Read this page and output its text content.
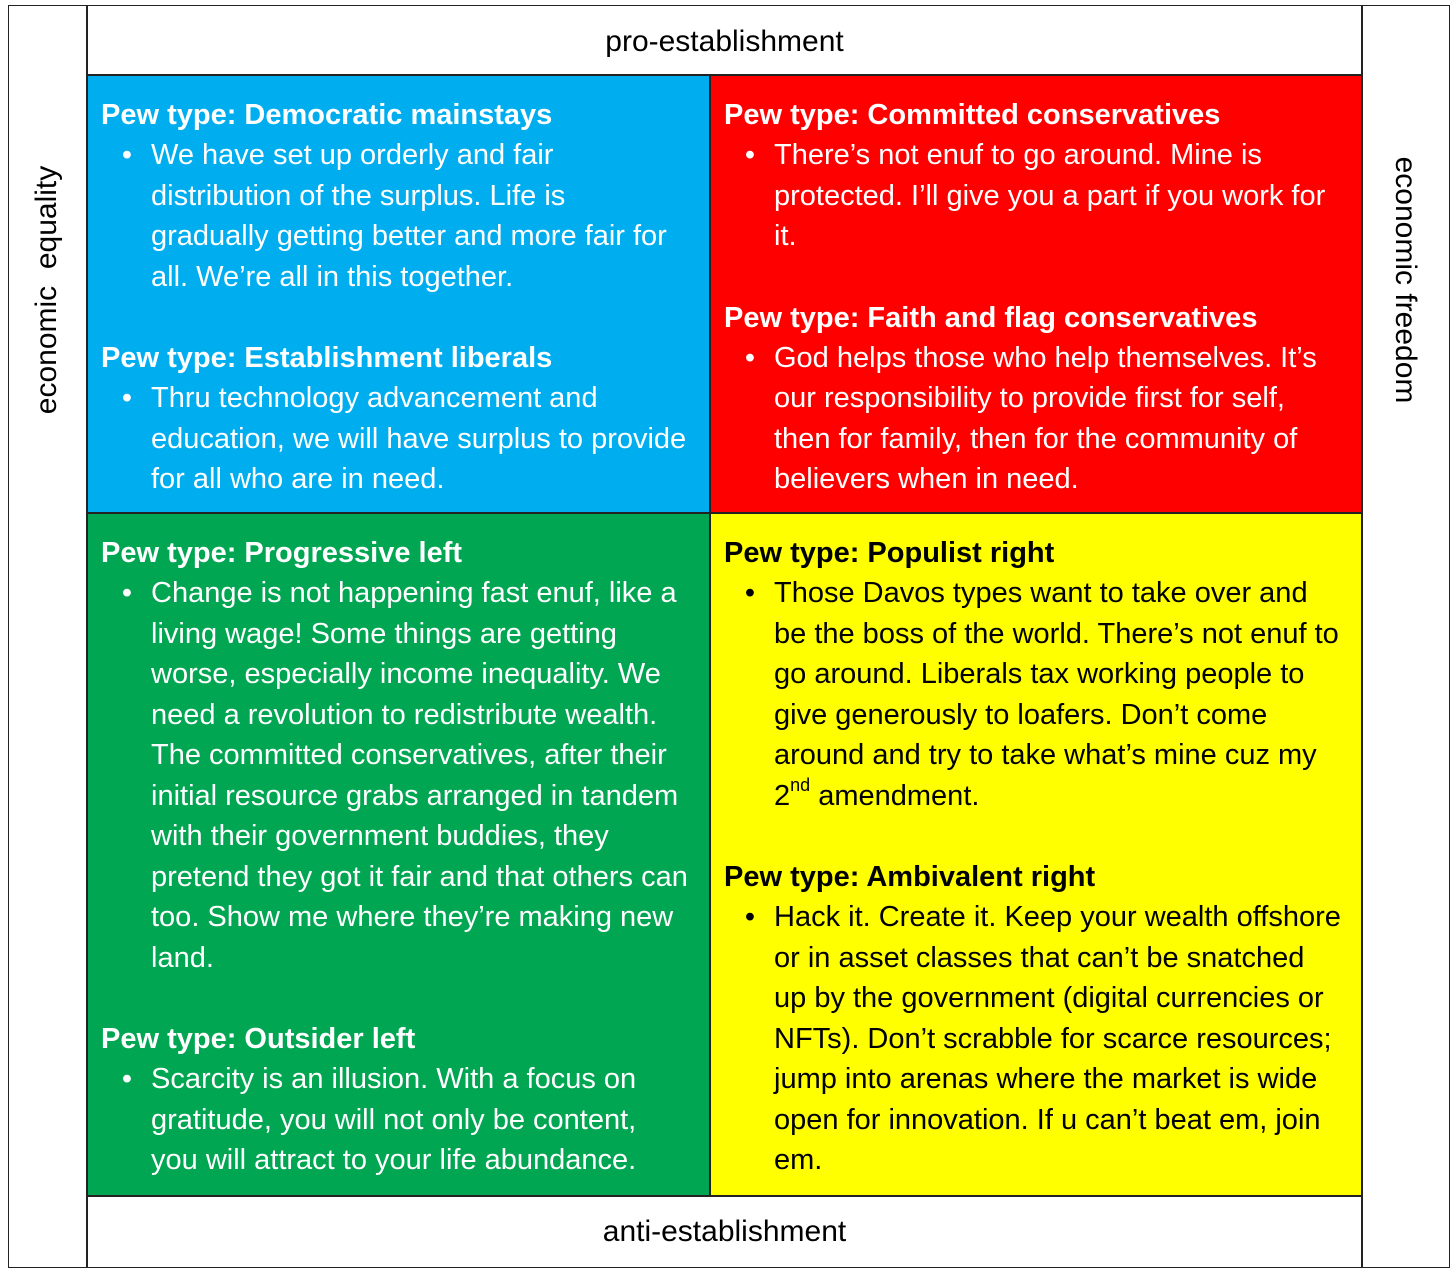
pro-establishment
anti-establishment
economic  equality	economic freedom

Pew type: Democratic mainstays

• We have set up orderly and fair distribution of the surplus. Life is gradually getting better and more fair for all. We’re all in this together.

Pew type: Establishment liberals

• Thru technology advancement and education, we will have surplus to provide for all who are in need.

Pew type: Committed conservatives

• There’s not enuf to go around. Mine is protected. I’ll give you a part if you work for it.

Pew type: Faith and flag conservatives

• God helps those who help themselves. It’s our responsibility to provide first for self, then for family, then for the community of believers when in need.

Pew type: Progressive left

• Change is not happening fast enuf, like a living wage! Some things are getting worse, especially income inequality. We need a revolution to redistribute wealth. The committed conservatives, after their initial resource grabs arranged in tandem with their government buddies, they pretend they got it fair and that others can too. Show me where they’re making new land.

Pew type: Outsider left

• Scarcity is an illusion. With a focus on gratitude, you will not only be content, you will attract to your life abundance.

Pew type: Populist right

• Those Davos types want to take over and be the boss of the world. There’s not enuf to go around. Liberals tax working people to give generously to loafers. Don’t come around and try to take what’s mine cuz my 2nd amendment.

Pew type: Ambivalent right

• Hack it. Create it. Keep your wealth offshore or in asset classes that can’t be snatched up by the government (digital currencies or NFTs). Don’t scrabble for scarce resources; jump into arenas where the market is wide open for innovation. If u can’t beat em, join em.
